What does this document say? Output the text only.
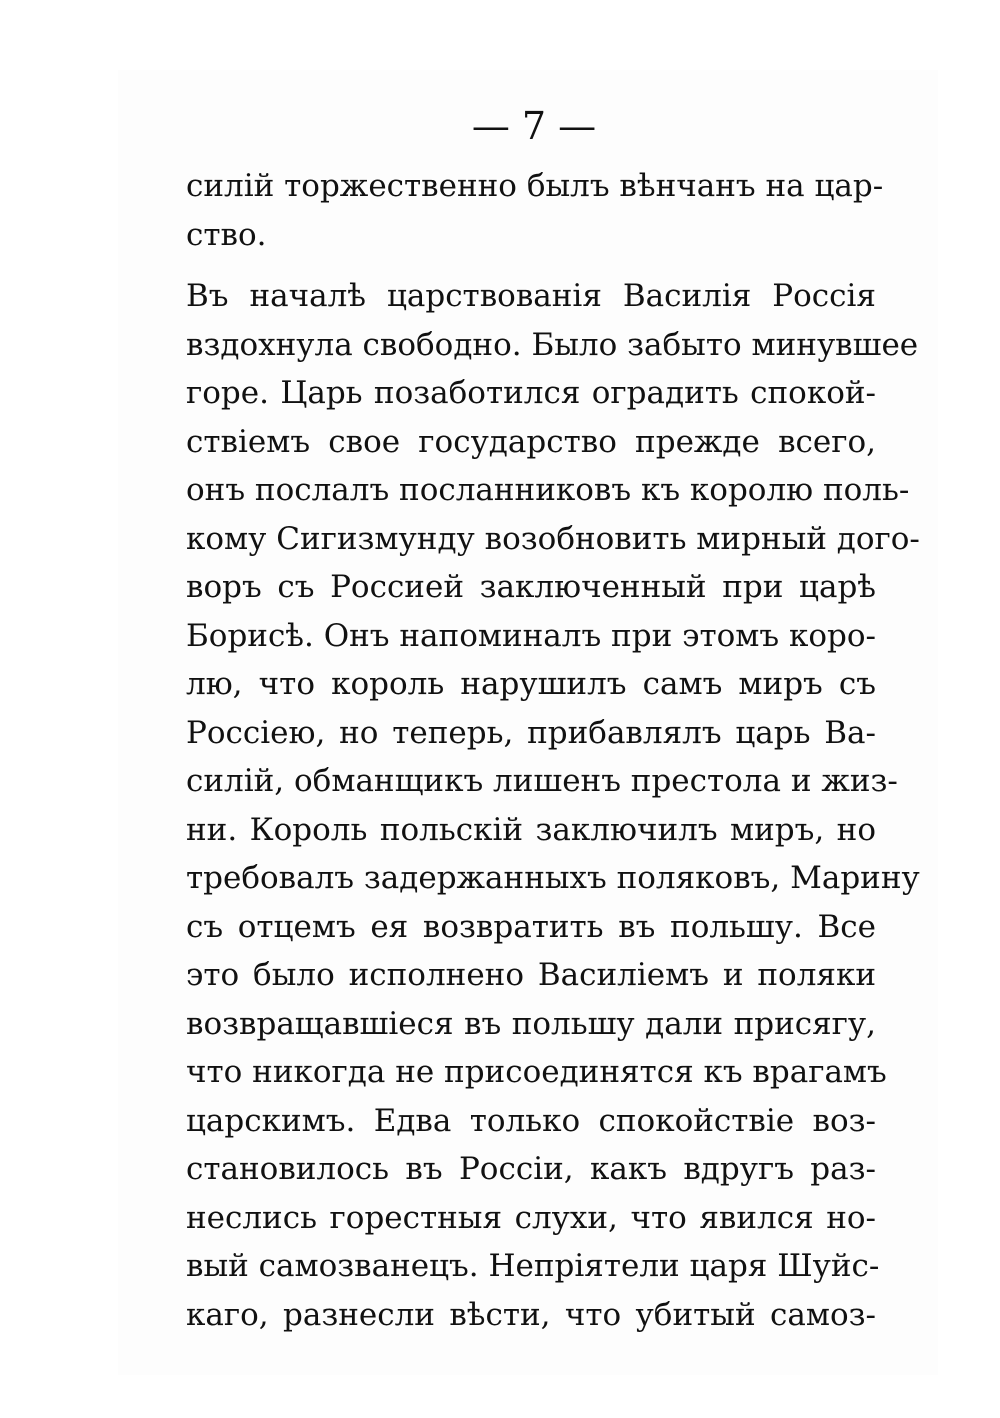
— 7 —
силій торжественно былъ вѣнчанъ на цар-
ство.
Въ началѣ царствованія Василія Россія
вздохнула свободно. Было забыто минувшее
горе. Царь позаботился оградить спокой-
ствіемъ свое государство прежде всего,
онъ послалъ посланниковъ къ королю поль-
кому Сигизмунду возобновить мирный дого-
воръ съ Россией заключенный при царѣ
Борисѣ. Онъ напоминалъ при этомъ коро-
лю, что король нарушилъ самъ миръ съ
Россіею, но теперь, прибавлялъ царь Ва-
силій, обманщикъ лишенъ престола и жиз-
ни. Король польскій заключилъ миръ, но
требовалъ задержанныхъ поляковъ, Марину
съ отцемъ ея возвратить въ польшу. Все
это было исполнено Василіемъ и поляки
возвращавшіеся въ польшу дали присягу,
что никогда не присоединятся къ врагамъ
царскимъ. Едва только спокойствіе воз-
становилось въ Россіи, какъ вдругъ раз-
неслись горестныя слухи, что явился но-
вый самозванецъ. Непріятели царя Шуйс-
каго, разнесли вѣсти, что убитый самоз-
